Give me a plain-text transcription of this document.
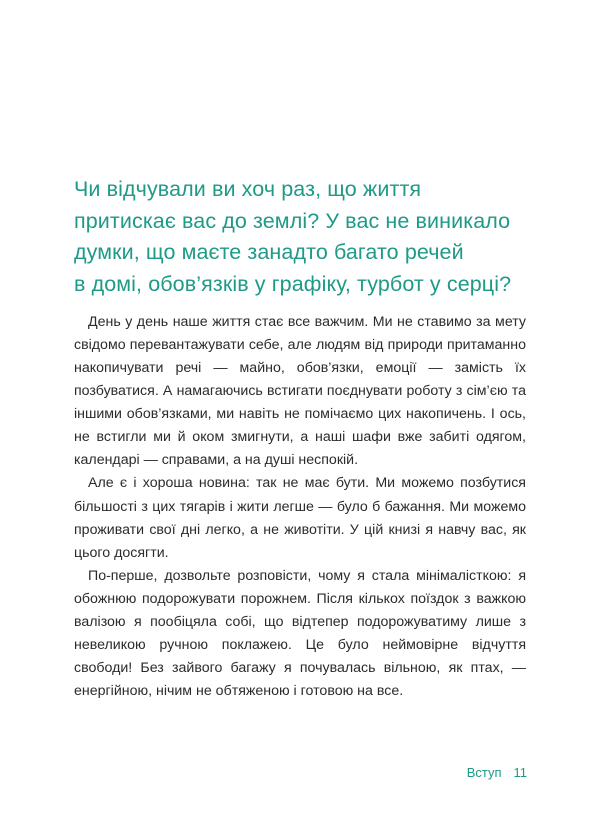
Чи відчували ви хоч раз, що життя
притискає вас до землі? У вас не виникало
думки, що маєте занадто багато речей
в домі, обов’язків у графіку, турбот у серці?

День у день наше життя стає все важчим. Ми не ставимо за мету свідомо перевантажувати себе, але людям від природи притаманно накопичувати речі — майно, обов’язки, емоції — замість їх позбуватися. А намагаючись встигати поєднувати роботу з сім’єю та іншими обов’язками, ми навіть не помічаємо цих накопичень. І ось, не встигли ми й оком змигнути, а наші шафи вже забиті одягом, календарі — справами, а на душі неспокій.

Але є і хороша новина: так не має бути. Ми можемо позбутися більшості з цих тягарів і жити легше — було б бажання. Ми можемо проживати свої дні легко, а не животіти. У цій книзі я навчу вас, як цього досягти.

По-перше, дозвольте розповісти, чому я стала мінімалісткою: я обожнюю подорожувати порожнем. Після кількох поїздок з важкою валізою я пообіцяла собі, що відтепер подорожуватиму лише з невеликою ручною поклажею. Це було неймовірне відчуття свободи! Без зайвого багажу я почувалась вільною, як птах, — енергійною, нічим не обтяженою і готовою на все.

Вступ 11
